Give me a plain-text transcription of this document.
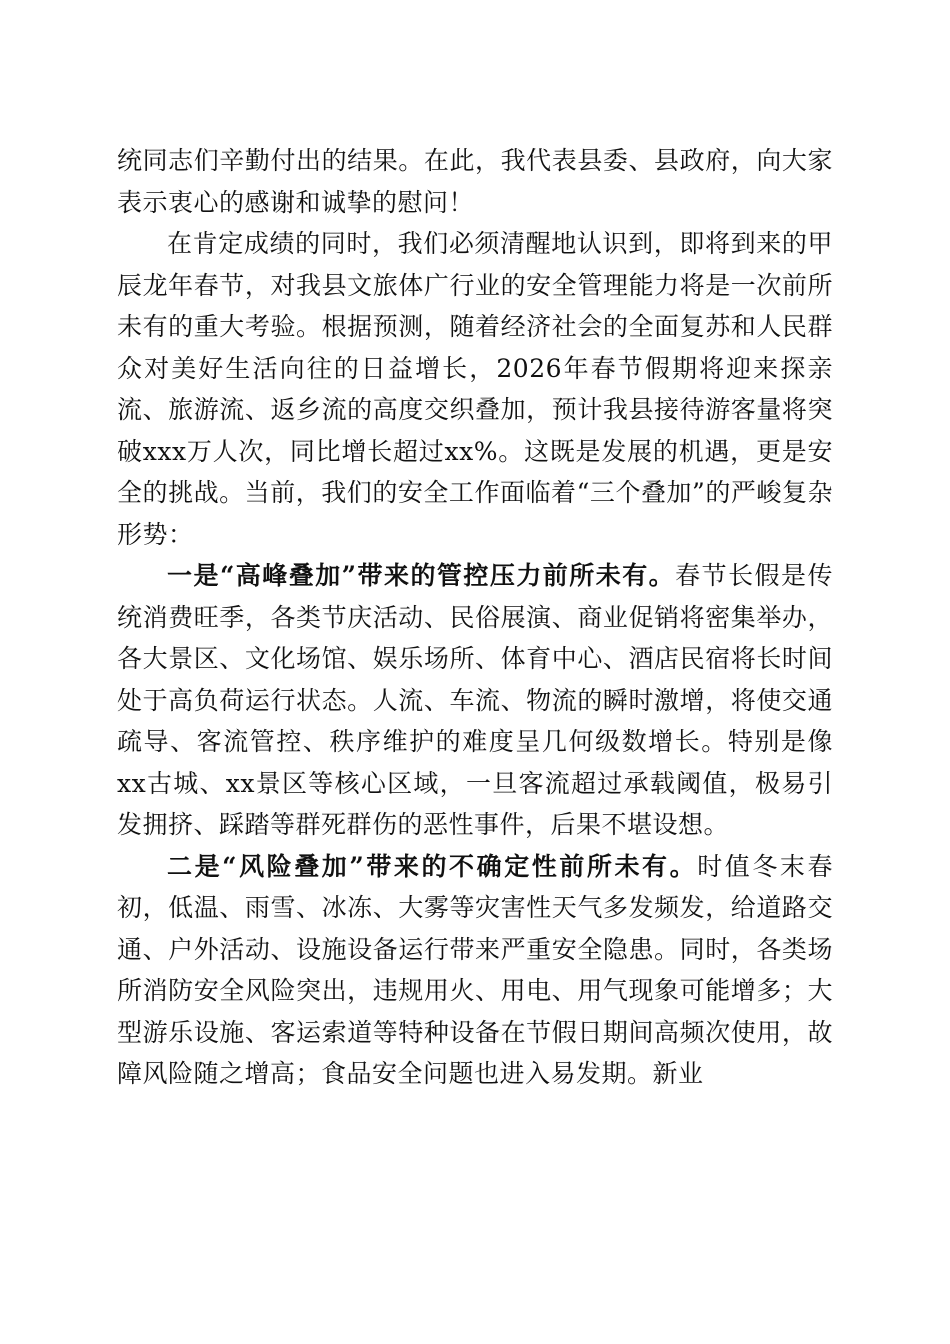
统同志们辛勤付出的结果。在此，我代表县委、县政府，向大家表示衷心的感谢和诚挚的慰问！

在肯定成绩的同时，我们必须清醒地认识到，即将到来的甲辰龙年春节，对我县文旅体广行业的安全管理能力将是一次前所未有的重大考验。根据预测，随着经济社会的全面复苏和人民群众对美好生活向往的日益增长，2026年春节假期将迎来探亲流、旅游流、返乡流的高度交织叠加，预计我县接待游客量将突破xxx万人次，同比增长超过xx%。这既是发展的机遇，更是安全的挑战。当前，我们的安全工作面临着“三个叠加”的严峻复杂形势：

一是“高峰叠加”带来的管控压力前所未有。春节长假是传统消费旺季，各类节庆活动、民俗展演、商业促销将密集举办，各大景区、文化场馆、娱乐场所、体育中心、酒店民宿将长时间处于高负荷运行状态。人流、车流、物流的瞬时激增，将使交通疏导、客流管控、秩序维护的难度呈几何级数增长。特别是像xx古城、xx景区等核心区域，一旦客流超过承载阈值，极易引发拥挤、踩踏等群死群伤的恶性事件，后果不堪设想。

二是“风险叠加”带来的不确定性前所未有。时值冬末春初，低温、雨雪、冰冻、大雾等灾害性天气多发频发，给道路交通、户外活动、设施设备运行带来严重安全隐患。同时，各类场所消防安全风险突出，违规用火、用电、用气现象可能增多；大型游乐设施、客运索道等特种设备在节假日期间高频次使用，故障风险随之增高；食品安全问题也进入易发期。新业
